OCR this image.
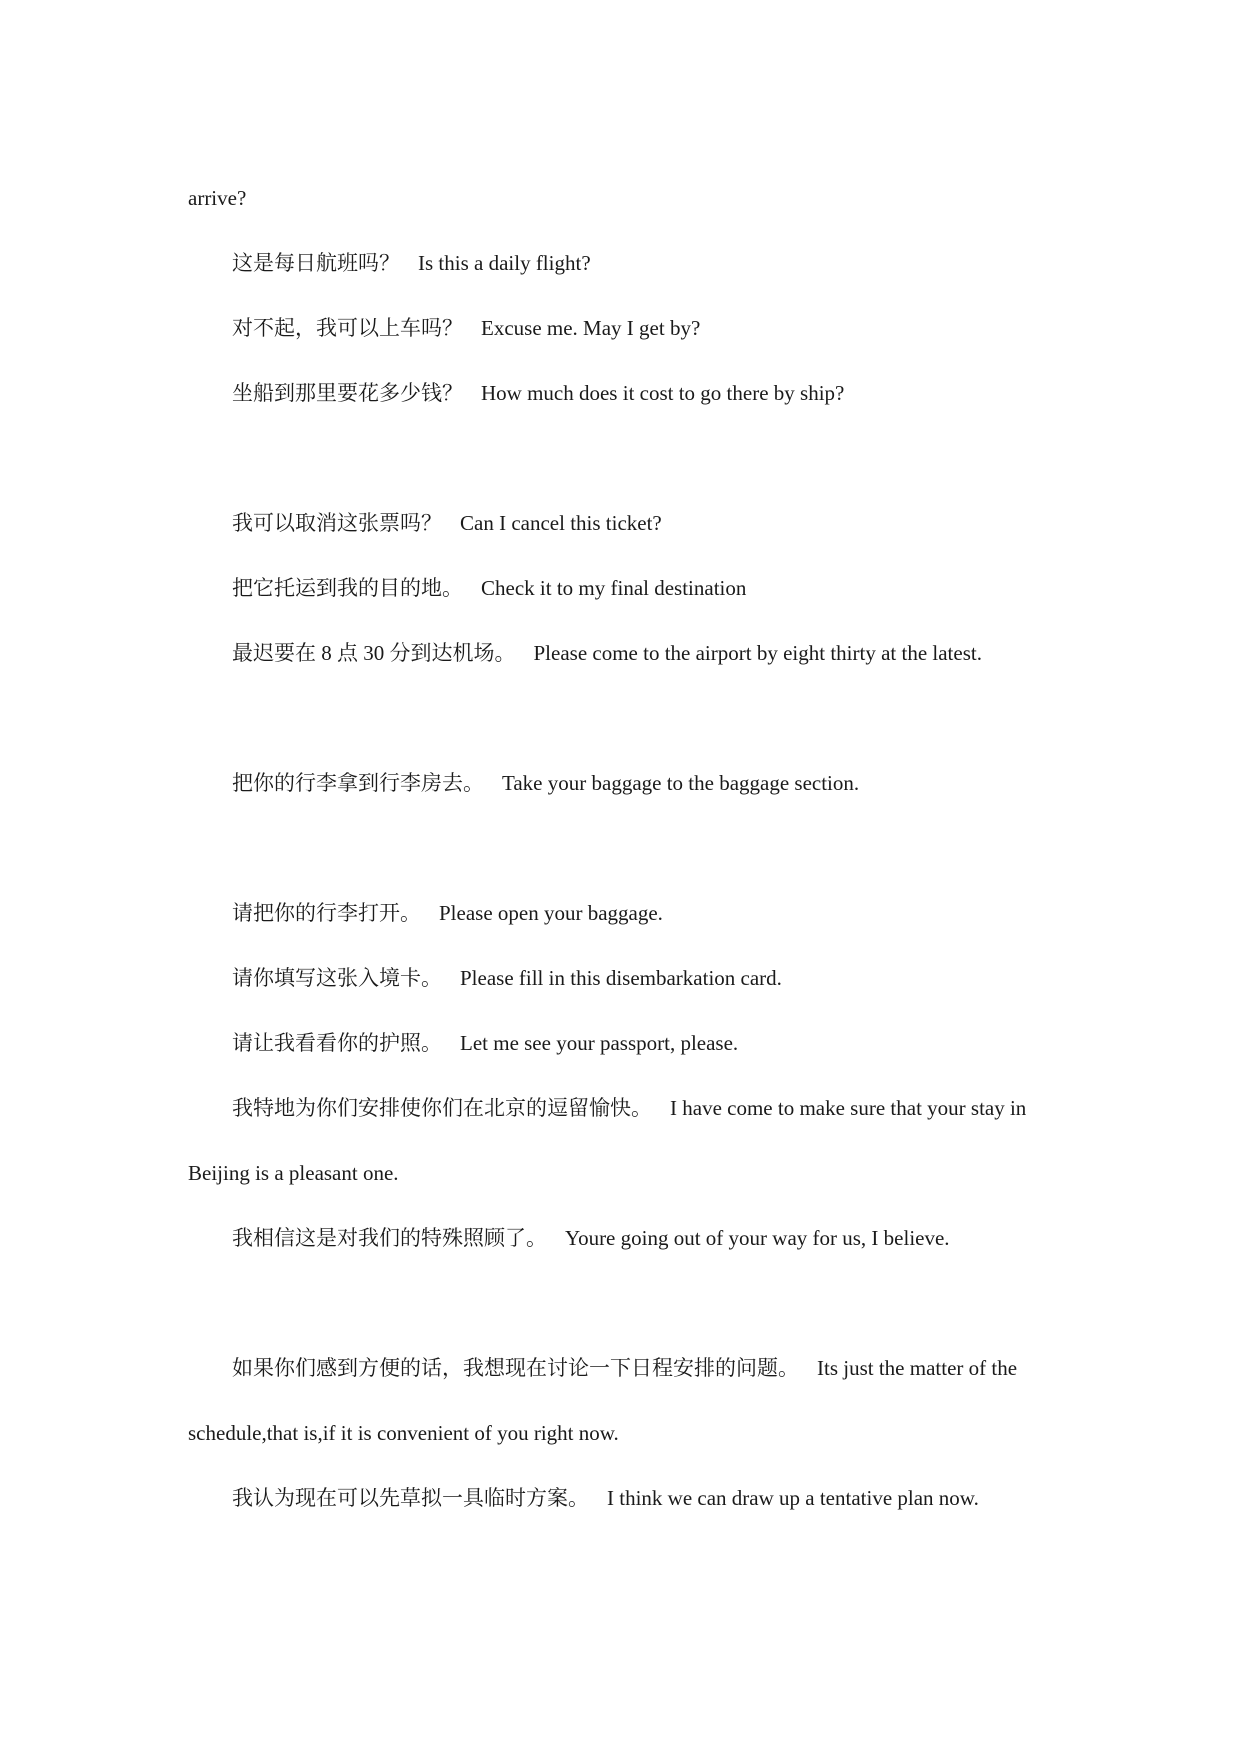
arrive?

这是每日航班吗？ Is this a daily flight?

对不起，我可以上车吗？ Excuse me. May I get by?

坐船到那里要花多少钱？ How much does it cost to go there by ship?

我可以取消这张票吗？ Can I cancel this ticket?

把它托运到我的目的地。 Check it to my final destination

最迟要在 8 点 30 分到达机场。 Please come to the airport by eight thirty at the latest.

把你的行李拿到行李房去。 Take your baggage to the baggage section.

请把你的行李打开。 Please open your baggage.

请你填写这张入境卡。 Please fill in this disembarkation card.

请让我看看你的护照。 Let me see your passport, please.

我特地为你们安排使你们在北京的逗留愉快。 I have come to make sure that your stay in

Beijing is a pleasant one.

我相信这是对我们的特殊照顾了。 Youre going out of your way for us, I believe.

如果你们感到方便的话，我想现在讨论一下日程安排的问题。 Its just the matter of the

schedule,that is,if it is convenient of you right now.

我认为现在可以先草拟一具临时方案。 I think we can draw up a tentative plan now.
